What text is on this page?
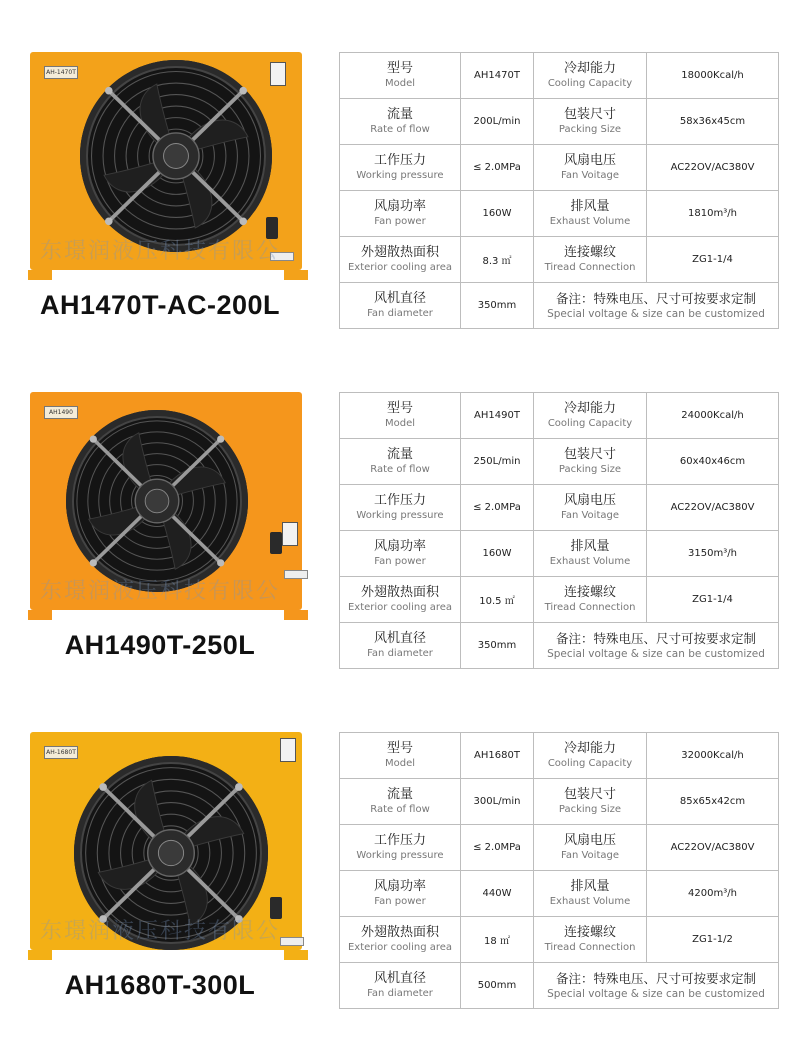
AH-1470T
东璟润液压科技有限公
AH1470T-AC-200L
型号
Model	AH1470T	冷却能力
Cooling Capacity	18000Kcal/h

流量
Rate of flow	200L/min	包装尺寸
Packing Size	58x36x45cm

工作压力
Working pressure	≤ 2.0MPa	风扇电压
Fan Voitage	AC22OV/AC380V

风扇功率
Fan power	160W	排风量
Exhaust Volume	1810m³/h

外翅散热面积
Exterior cooling area	8.3 ㎡	连接螺纹
Tiread Connection	ZG1-1/4

风机直径
Fan diameter	350mm	备注：特殊电压、尺寸可按要求定制
Special voltage & size can be customized	
AH1490
东璟润液压科技有限公
AH1490T-250L
型号
Model	AH1490T	冷却能力
Cooling Capacity	24000Kcal/h

流量
Rate of flow	250L/min	包装尺寸
Packing Size	60x40x46cm

工作压力
Working pressure	≤ 2.0MPa	风扇电压
Fan Voitage	AC22OV/AC380V

风扇功率
Fan power	160W	排风量
Exhaust Volume	3150m³/h

外翅散热面积
Exterior cooling area	10.5 ㎡	连接螺纹
Tiread Connection	ZG1-1/4

风机直径
Fan diameter	350mm	备注：特殊电压、尺寸可按要求定制
Special voltage & size can be customized	
AH-1680T
东璟润液压科技有限公
AH1680T-300L
型号
Model	AH1680T	冷却能力
Cooling Capacity	32000Kcal/h

流量
Rate of flow	300L/min	包装尺寸
Packing Size	85x65x42cm

工作压力
Working pressure	≤ 2.0MPa	风扇电压
Fan Voitage	AC22OV/AC380V

风扇功率
Fan power	440W	排风量
Exhaust Volume	4200m³/h

外翅散热面积
Exterior cooling area	18 ㎡	连接螺纹
Tiread Connection	ZG1-1/2

风机直径
Fan diameter	500mm	备注：特殊电压、尺寸可按要求定制
Special voltage & size can be customized	
